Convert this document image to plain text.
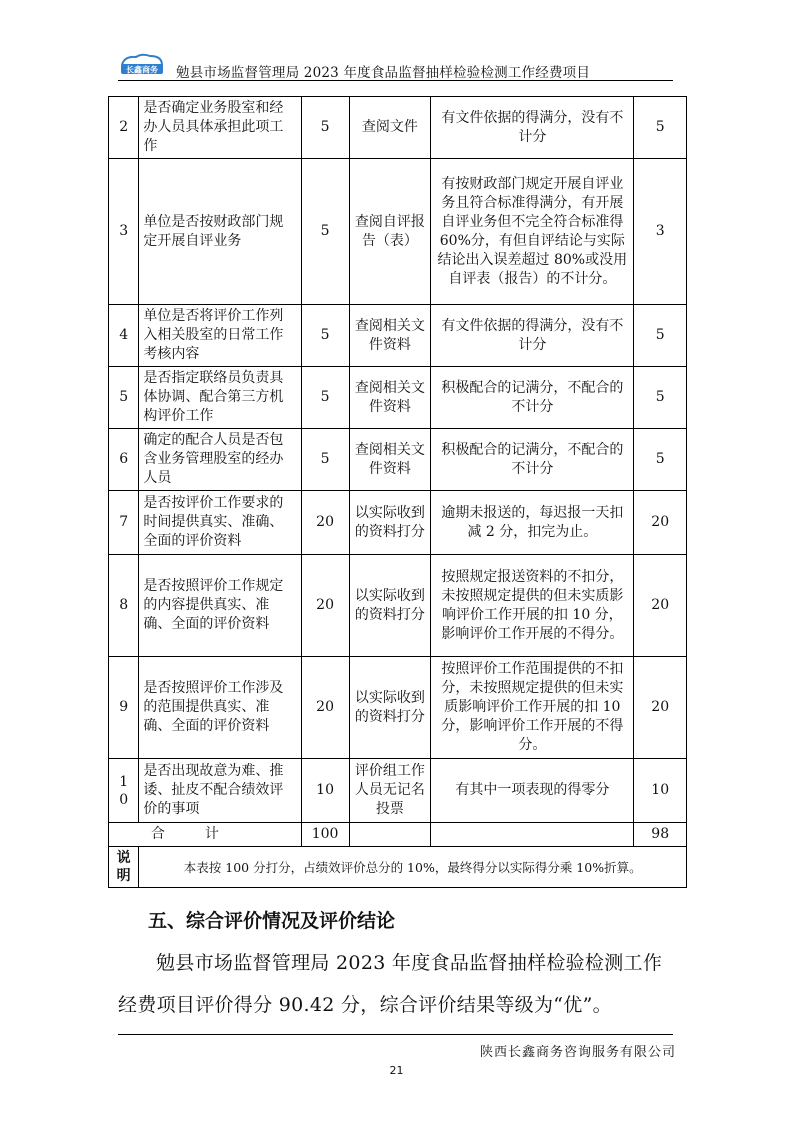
长鑫商务 勉县市场监督管理局 2023 年度食品监督抽样检验检测工作经费项目
2	是否确定业务股室和经办人员具体承担此项工作	5	查阅文件	有文件依据的得满分，没有不计分	5
3	单位是否按财政部门规定开展自评业务	5	查阅自评报告（表）	有按财政部门规定开展自评业务且符合标准得满分，有开展自评业务但不完全符合标准得 60%分，有但自评结论与实际结论出入误差超过 80%或没用自评表（报告）的不计分。	3
4	单位是否将评价工作列入相关股室的日常工作考核内容	5	查阅相关文件资料	有文件依据的得满分，没有不计分	5
5	是否指定联络员负责具体协调、配合第三方机构评价工作	5	查阅相关文件资料	积极配合的记满分，不配合的不计分	5
6	确定的配合人员是否包含业务管理股室的经办人员	5	查阅相关文件资料	积极配合的记满分，不配合的不计分	5
7	是否按评价工作要求的时间提供真实、准确、全面的评价资料	20	以实际收到的资料打分	逾期未报送的，每迟报一天扣减 2 分，扣完为止。	20
8	是否按照评价工作规定的内容提供真实、准确、全面的评价资料	20	以实际收到的资料打分	按照规定报送资料的不扣分，未按照规定提供的但未实质影响评价工作开展的扣 10 分，影响评价工作开展的不得分。	20
9	是否按照评价工作涉及的范围提供真实、准确、全面的评价资料	20	以实际收到的资料打分	按照评价工作范围提供的不扣分，未按照规定提供的但未实质影响评价工作开展的扣 10 分，影响评价工作开展的不得分。	20

10	是否出现故意为难、推诿、扯皮不配合绩效评价的事项	10	评价组工作人员无记名投票	有其中一项表现的得零分	10
合计		100			98

说明	本表按 100 分打分，占绩效评价总分的 10%，最终得分以实际得分乘 10%折算。				
五、综合评价情况及评价结论
勉县市场监督管理局 2023 年度食品监督抽样检验检测工作经费项目评价得分 90.42 分，综合评价结果等级为“优”。
陕西长鑫商务咨询服务有限公司
21
